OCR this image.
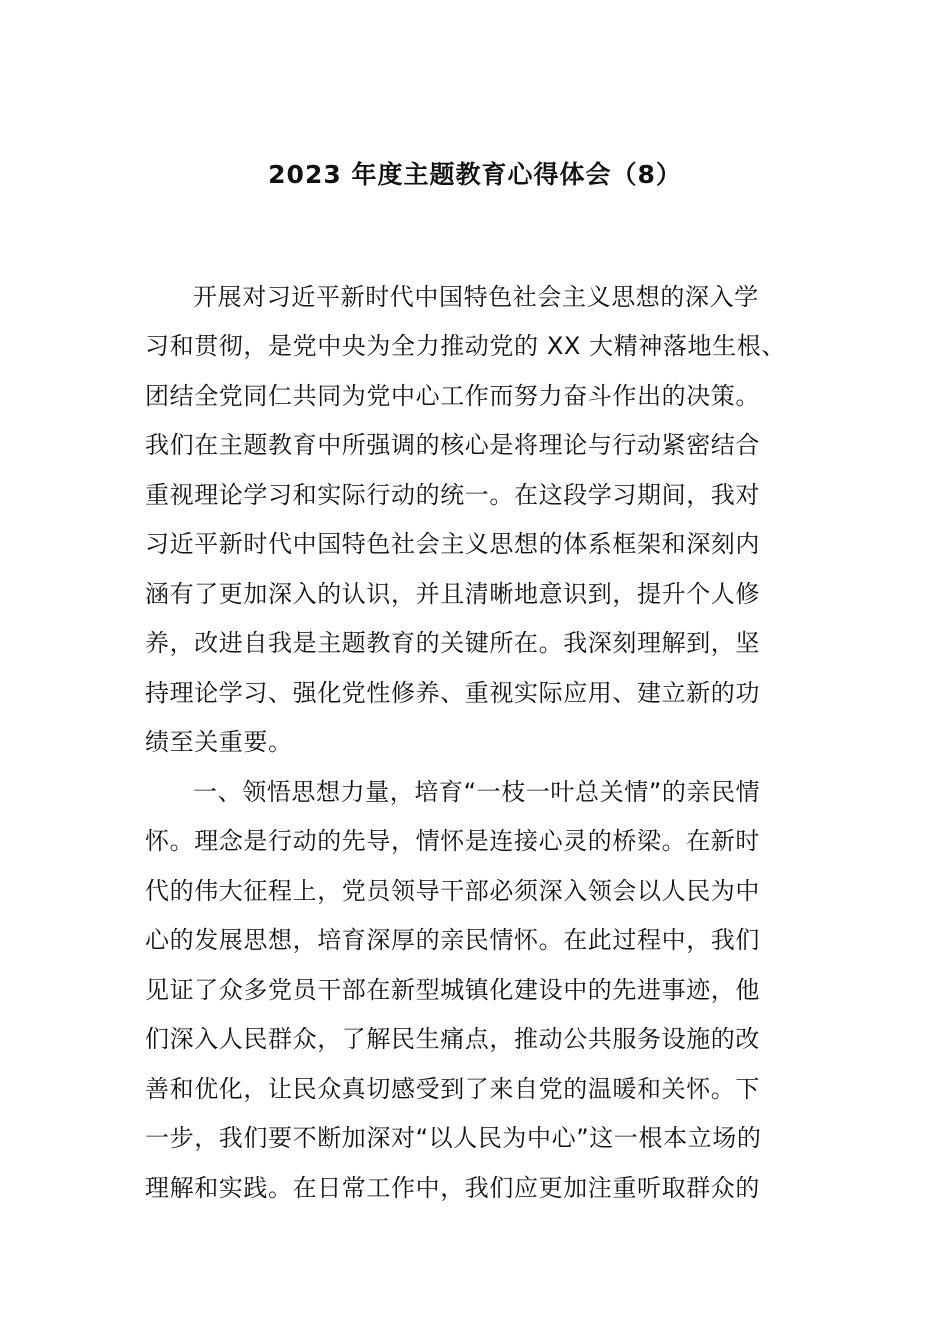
2023 年度主题教育心得体会（8）
开展对习近平新时代中国特色社会主义思想的深入学
习和贯彻，是党中央为全力推动党的 XX 大精神落地生根、
团结全党同仁共同为党中心工作而努力奋斗作出的决策。
我们在主题教育中所强调的核心是将理论与行动紧密结合
重视理论学习和实际行动的统一。在这段学习期间，我对
习近平新时代中国特色社会主义思想的体系框架和深刻内
涵有了更加深入的认识，并且清晰地意识到，提升个人修
养，改进自我是主题教育的关键所在。我深刻理解到，坚
持理论学习、强化党性修养、重视实际应用、建立新的功
绩至关重要。
一、领悟思想力量，培育“一枝一叶总关情”的亲民情
怀。理念是行动的先导，情怀是连接心灵的桥梁。在新时
代的伟大征程上，党员领导干部必须深入领会以人民为中
心的发展思想，培育深厚的亲民情怀。在此过程中，我们
见证了众多党员干部在新型城镇化建设中的先进事迹，他
们深入人民群众，了解民生痛点，推动公共服务设施的改
善和优化，让民众真切感受到了来自党的温暖和关怀。下
一步，我们要不断加深对“以人民为中心”这一根本立场的
理解和实践。在日常工作中，我们应更加注重听取群众的
